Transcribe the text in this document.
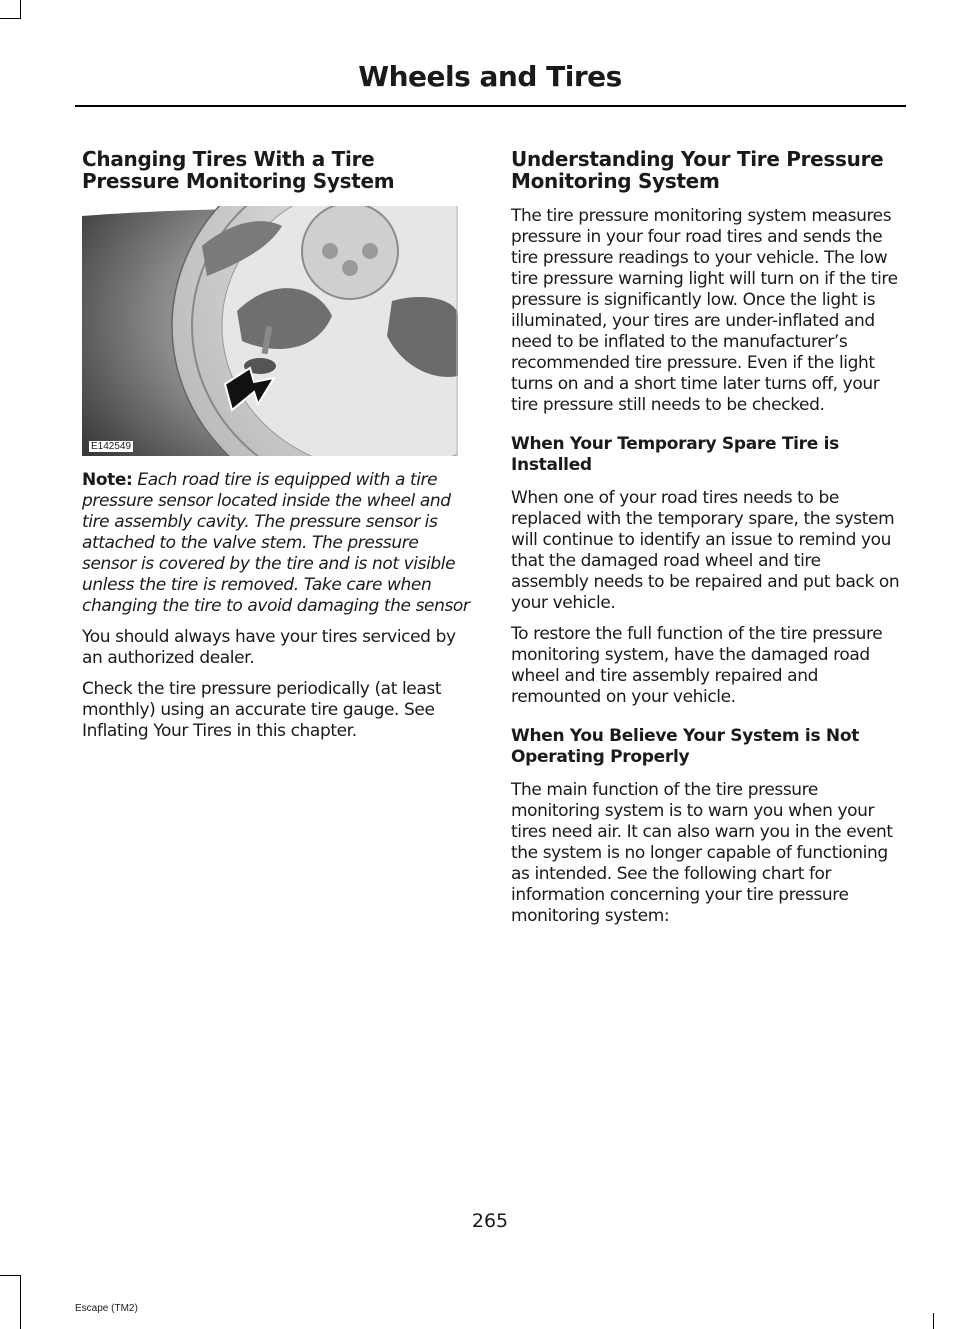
Wheels and Tires
Changing Tires With a Tire Pressure Monitoring System
E142549

Note: Each road tire is equipped with a tire pressure sensor located inside the wheel and tire assembly cavity. The pressure sensor is attached to the valve stem. The pressure sensor is covered by the tire and is not visible unless the tire is removed. Take care when changing the tire to avoid damaging the sensor

You should always have your tires serviced by an authorized dealer.

Check the tire pressure periodically (at least monthly) using an accurate tire gauge. See Inflating Your Tires in this chapter.

Understanding Your Tire Pressure Monitoring System

The tire pressure monitoring system measures pressure in your four road tires and sends the tire pressure readings to your vehicle. The low tire pressure warning light will turn on if the tire pressure is significantly low. Once the light is illuminated, your tires are under-inflated and need to be inflated to the manufacturer’s recommended tire pressure. Even if the light turns on and a short time later turns off, your tire pressure still needs to be checked.

When Your Temporary Spare Tire is Installed

When one of your road tires needs to be replaced with the temporary spare, the system will continue to identify an issue to remind you that the damaged road wheel and tire assembly needs to be repaired and put back on your vehicle.

To restore the full function of the tire pressure monitoring system, have the damaged road wheel and tire assembly repaired and remounted on your vehicle.

When You Believe Your System is Not Operating Properly

The main function of the tire pressure monitoring system is to warn you when your tires need air. It can also warn you in the event the system is no longer capable of functioning as intended. See the following chart for information concerning your tire pressure monitoring system:

265
Escape (TM2)
